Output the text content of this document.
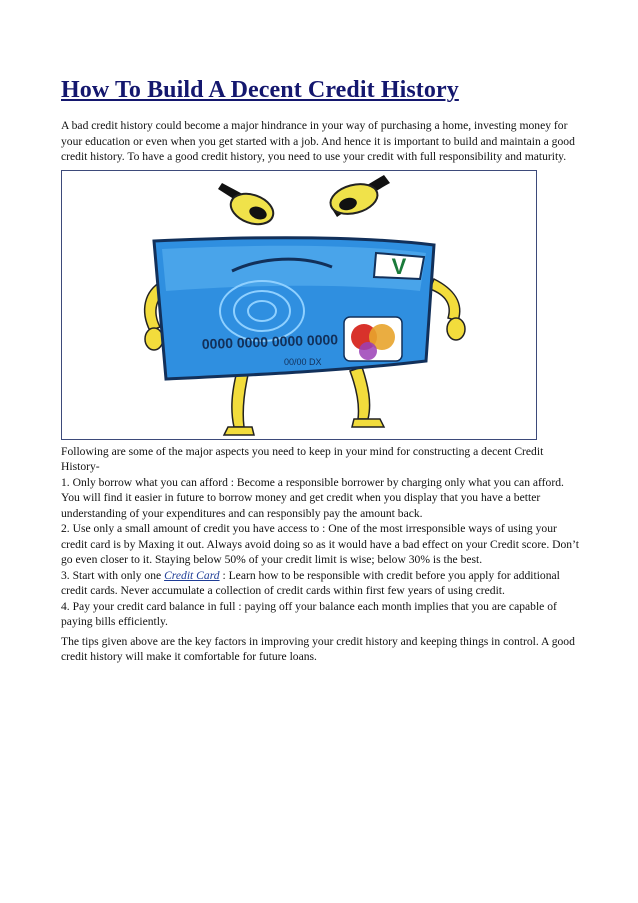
How To Build A Decent Credit History

A bad credit history could become a major hindrance in your way of purchasing a home, investing money for your education or even when you get started with a job. And hence it is important to build and maintain a good credit history. To have a good credit history, you need to use your credit with full responsibility and maturity.

V
0000 0000 0000 0000
00/00 DX

Following are some of the major aspects you need to keep in your mind for constructing a decent Credit History-

1. Only borrow what you can afford : Become a responsible borrower by charging only what you can afford. You will find it easier in future to borrow money and get credit when you display that you have a better understanding of your expenditures and can responsibly pay the amount back.

2. Use only a small amount of credit you have access to : One of the most irresponsible ways of using your credit card is by Maxing it out. Always avoid doing so as it would have a bad effect on your Credit score. Don’t go even closer to it. Staying below 50% of your credit limit is wise; below 30% is the best.

3. Start with only one Credit Card : Learn how to be responsible with credit before you apply for additional credit cards. Never accumulate a collection of credit cards within first few years of using credit.

4. Pay your credit card balance in full : paying off your balance each month implies that you are capable of paying bills efficiently.

The tips given above are the key factors in improving your credit history and keeping things in control. A good credit history will make it comfortable for future loans.
